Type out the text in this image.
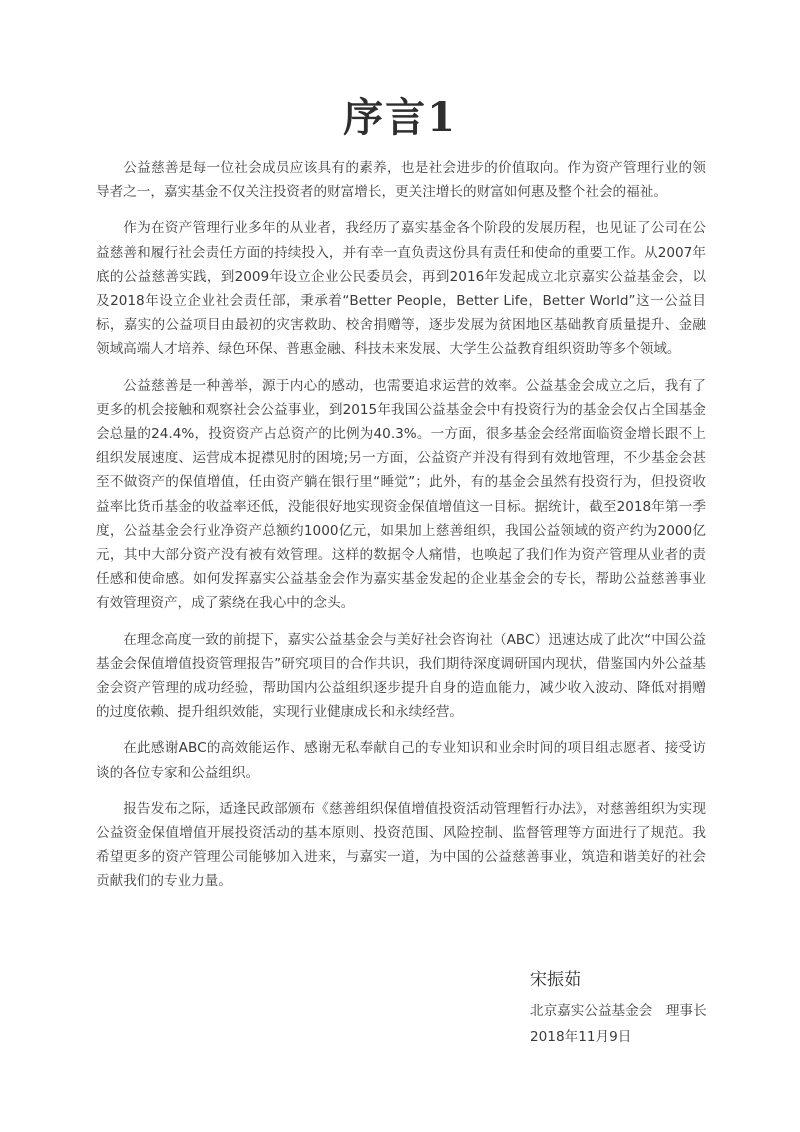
序言1

公益慈善是每一位社会成员应该具有的素养，也是社会进步的价值取向。作为资产管理行业的领导者之一，嘉实基金不仅关注投资者的财富增长，更关注增长的财富如何惠及整个社会的福祉。

作为在资产管理行业多年的从业者，我经历了嘉实基金各个阶段的发展历程，也见证了公司在公益慈善和履行社会责任方面的持续投入，并有幸一直负责这份具有责任和使命的重要工作。从2007年底的公益慈善实践，到2009年设立企业公民委员会，再到2016年发起成立北京嘉实公益基金会，以及2018年设立企业社会责任部，秉承着“Better People，Better Life，Better World”这一公益目标，嘉实的公益项目由最初的灾害救助、校舍捐赠等，逐步发展为贫困地区基础教育质量提升、金融领域高端人才培养、绿色环保、普惠金融、科技未来发展、大学生公益教育组织资助等多个领域。

公益慈善是一种善举，源于内心的感动，也需要追求运营的效率。公益基金会成立之后，我有了更多的机会接触和观察社会公益事业，到2015年我国公益基金会中有投资行为的基金会仅占全国基金会总量的24.4%，投资资产占总资产的比例为40.3%。一方面，很多基金会经常面临资金增长跟不上组织发展速度、运营成本捉襟见肘的困境;另一方面，公益资产并没有得到有效地管理，不少基金会甚至不做资产的保值增值，任由资产躺在银行里“睡觉”；此外，有的基金会虽然有投资行为，但投资收益率比货币基金的收益率还低，没能很好地实现资金保值增值这一目标。据统计，截至2018年第一季度，公益基金会行业净资产总额约1000亿元，如果加上慈善组织，我国公益领域的资产约为2000亿元，其中大部分资产没有被有效管理。这样的数据令人痛惜，也唤起了我们作为资产管理从业者的责任感和使命感。如何发挥嘉实公益基金会作为嘉实基金发起的企业基金会的专长，帮助公益慈善事业有效管理资产，成了萦绕在我心中的念头。

在理念高度一致的前提下，嘉实公益基金会与美好社会咨询社（ABC）迅速达成了此次“中国公益基金会保值增值投资管理报告”研究项目的合作共识，我们期待深度调研国内现状，借鉴国内外公益基金会资产管理的成功经验，帮助国内公益组织逐步提升自身的造血能力，减少收入波动、降低对捐赠的过度依赖、提升组织效能，实现行业健康成长和永续经营。

在此感谢ABC的高效能运作、感谢无私奉献自己的专业知识和业余时间的项目组志愿者、接受访谈的各位专家和公益组织。

报告发布之际，适逢民政部颁布《慈善组织保值增值投资活动管理暂行办法》，对慈善组织为实现公益资金保值增值开展投资活动的基本原则、投资范围、风险控制、监督管理等方面进行了规范。我希望更多的资产管理公司能够加入进来，与嘉实一道，为中国的公益慈善事业，筑造和谐美好的社会贡献我们的专业力量。

宋振茹
北京嘉实公益基金会　理事长
2018年11月9日
